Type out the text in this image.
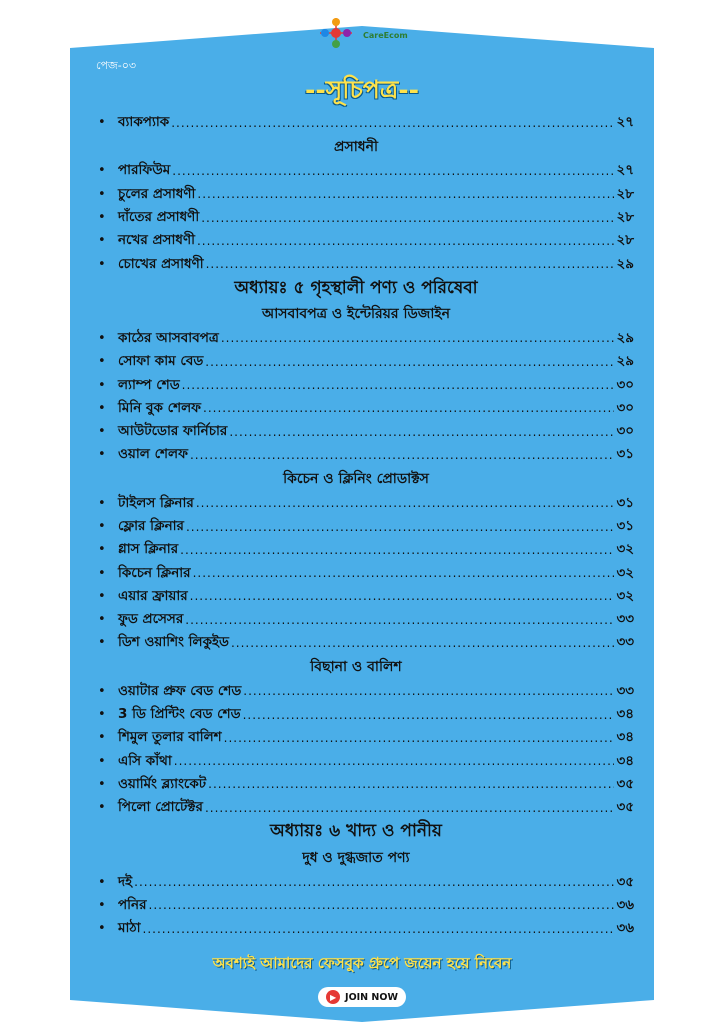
CareEcom
পেজ-০৩
--সূচিপত্র--
• ব্যাকপ্যাক .....	২৭
প্রসাধনী
• পারফিউম .....	২৭
• চুলের প্রসাধণী .....	২৮
• দাঁতের প্রসাধণী .....	২৮
• নখের প্রসাধণী .....	২৮
• চোখের প্রসাধণী .....	২৯
অধ্যায়ঃ ৫ গৃহস্থালী পণ্য ও পরিষেবা
আসবাবপত্র ও ইন্টেরিয়র ডিজাইন
• কাঠের আসবাবপত্র .....	২৯
• সোফা কাম বেড .....	২৯
• ল্যাম্প শেড .....	৩০
• মিনি বুক শেলফ .....	৩০
• আউটডোর ফার্নিচার .....	৩০
• ওয়াল শেলফ .....	৩১
কিচেন ও ক্লিনিং প্রোডাক্টস
• টাইলস ক্লিনার .....	৩১
• ফ্লোর ক্লিনার .....	৩১
• গ্লাস ক্লিনার .....	৩২
• কিচেন ক্লিনার .....	৩২
• এয়ার ফ্রায়ার .....	৩২
• ফুড প্রসেসর .....	৩৩
• ডিশ ওয়াশিং লিকুইড .....	৩৩
বিছানা ও বালিশ
• ওয়াটার প্রুফ বেড শেড .....	৩৩
• 3 ডি প্রিন্টিং বেড শেড .....	৩৪
• শিমুল তুলার বালিশ .....	৩৪
• এসি কাঁথা .....	৩৪
• ওয়ার্মিং ব্ল্যাংকেট .....	৩৫
• পিলো প্রোটেক্টর .....	৩৫
অধ্যায়ঃ ৬ খাদ্য ও পানীয়
দুধ ও দুগ্ধজাত পণ্য
• দই .....	৩৫
• পনির .....	৩৬
• মাঠা .....	৩৬
অবশ্যই আমাদের ফেসবুক গ্রুপে জয়েন হয়ে নিবেন
▶ JOIN NOW
